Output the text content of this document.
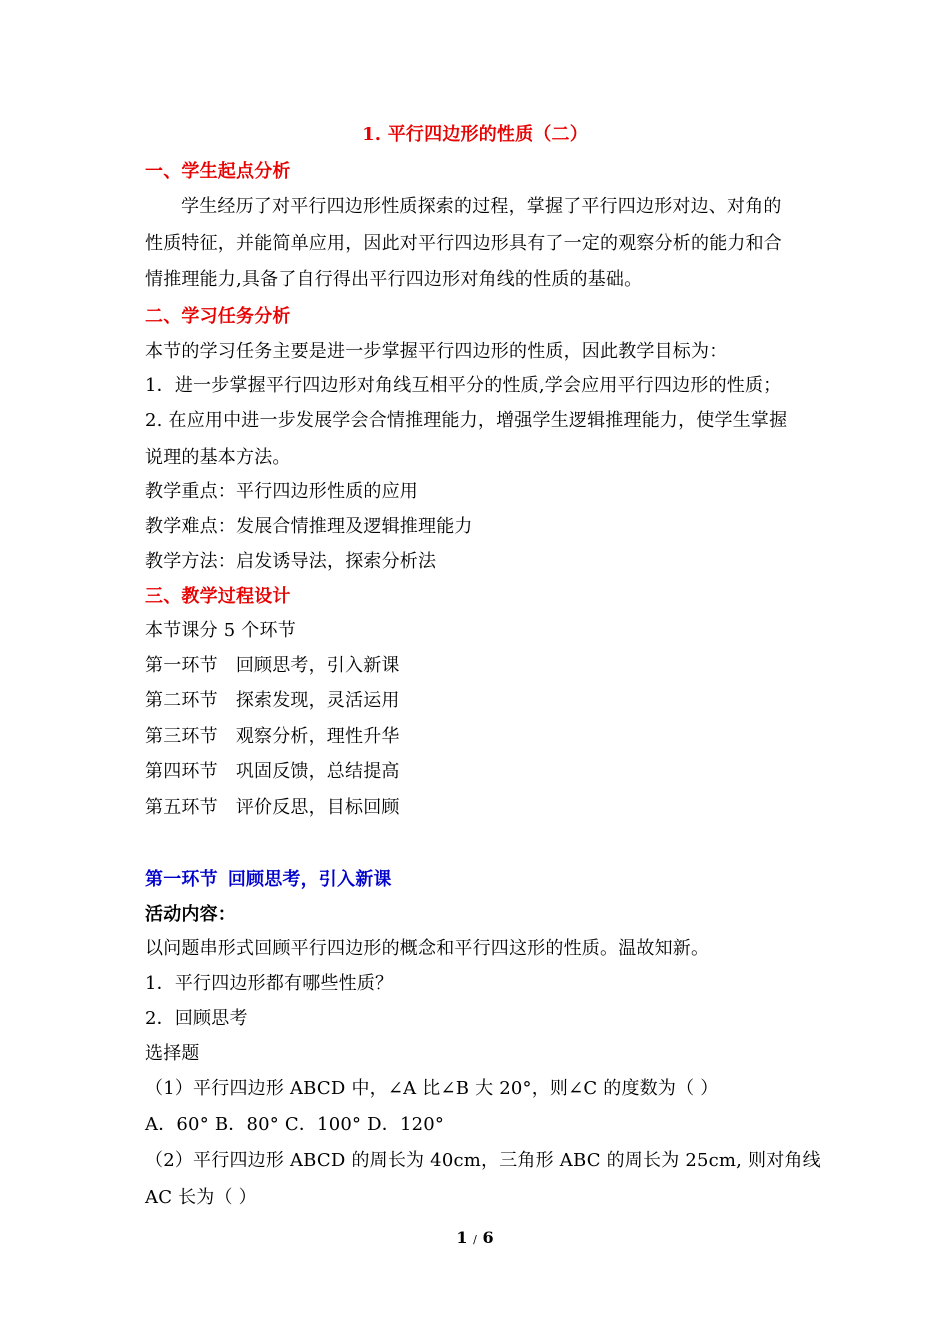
1. 平行四边形的性质（二）
一、学生起点分析
学生经历了对平行四边形性质探索的过程，掌握了平行四边形对边、对角的
性质特征，并能简单应用，因此对平行四边形具有了一定的观察分析的能力和合
情推理能力,具备了自行得出平行四边形对角线的性质的基础。
二、学习任务分析
本节的学习任务主要是进一步掌握平行四边形的性质，因此教学目标为：
1．进一步掌握平行四边形对角线互相平分的性质,学会应用平行四边形的性质；
2. 在应用中进一步发展学会合情推理能力，增强学生逻辑推理能力，使学生掌握
说理的基本方法。
教学重点：平行四边形性质的应用
教学难点：发展合情推理及逻辑推理能力
教学方法：启发诱导法，探索分析法
三、教学过程设计
本节课分 5 个环节
第一环节 回顾思考，引入新课
第二环节 探索发现，灵活运用
第三环节 观察分析，理性升华
第四环节 巩固反馈，总结提高
第五环节 评价反思，目标回顾
第一环节 回顾思考，引入新课
活动内容：
以问题串形式回顾平行四边形的概念和平行四这形的性质。温故知新。
1．平行四边形都有哪些性质？
2．回顾思考
选择题
（1）平行四边形 ABCD 中，∠A 比∠B 大 20°，则∠C 的度数为（ ）
A．60° B．80° C．100° D．120°
（2）平行四边形 ABCD 的周长为 40cm，三角形 ABC 的周长为 25cm, 则对角线
AC 长为（ ）
1 / 6
